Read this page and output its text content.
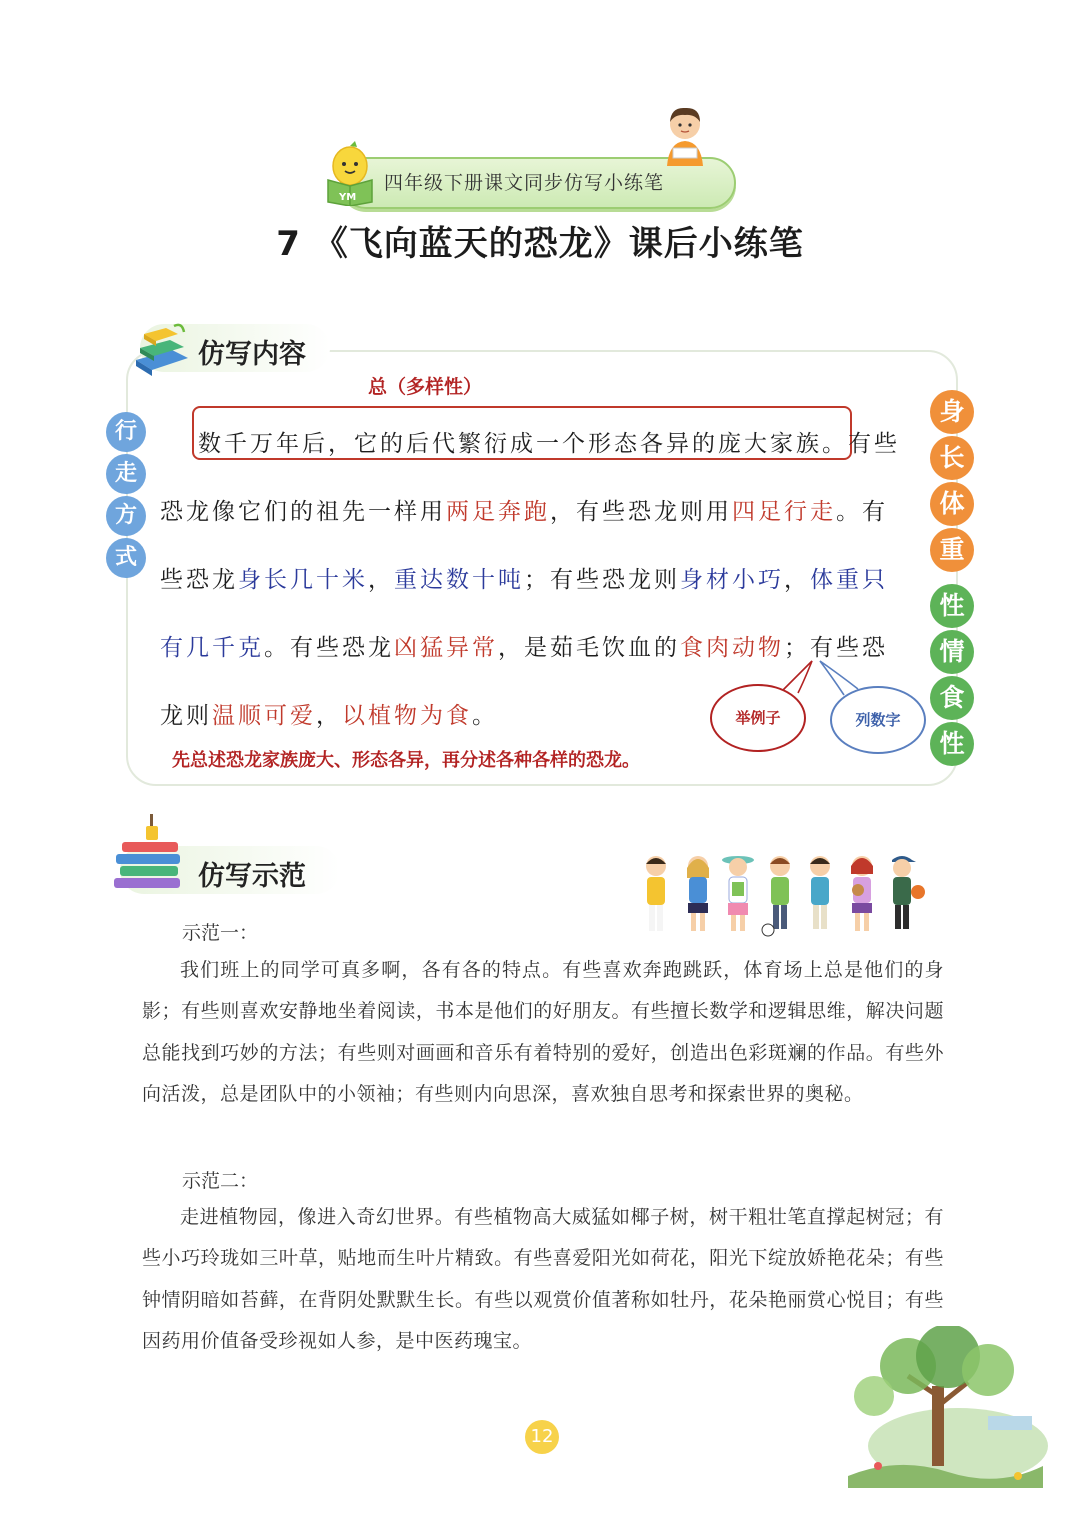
YM
四年级下册课文同步仿写小练笔
7 《飞向蓝天的恐龙》课后小练笔
仿写内容
总（多样性）
数千万年后，它的后代繁衍成一个形态各异的庞大家族。有些恐龙像它们的祖先一样用两足奔跑，有些恐龙则用四足行走。有些恐龙身长几十米，重达数十吨；有些恐龙则身材小巧，体重只有几千克。有些恐龙凶猛异常，是茹毛饮血的食肉动物；有些恐龙则温顺可爱，以植物为食。
行
走
方
式
身
长
体
重
性
情
食
性
举例子	列数字
先总述恐龙家族庞大、形态各异，再分述各种各样的恐龙。
仿写示范
示范一：

我们班上的同学可真多啊，各有各的特点。有些喜欢奔跑跳跃，体育场上总是他们的身影；有些则喜欢安静地坐着阅读，书本是他们的好朋友。有些擅长数学和逻辑思维，解决问题总能找到巧妙的方法；有些则对画画和音乐有着特别的爱好，创造出色彩斑斓的作品。有些外向活泼，总是团队中的小领袖；有些则内向思深，喜欢独自思考和探索世界的奥秘。

示范二：

走进植物园，像进入奇幻世界。有些植物高大威猛如椰子树，树干粗壮笔直撑起树冠；有些小巧玲珑如三叶草，贴地而生叶片精致。有些喜爱阳光如荷花，阳光下绽放娇艳花朵；有些钟情阴暗如苔藓，在背阴处默默生长。有些以观赏价值著称如牡丹，花朵艳丽赏心悦目；有些因药用价值备受珍视如人参，是中医药瑰宝。

12
